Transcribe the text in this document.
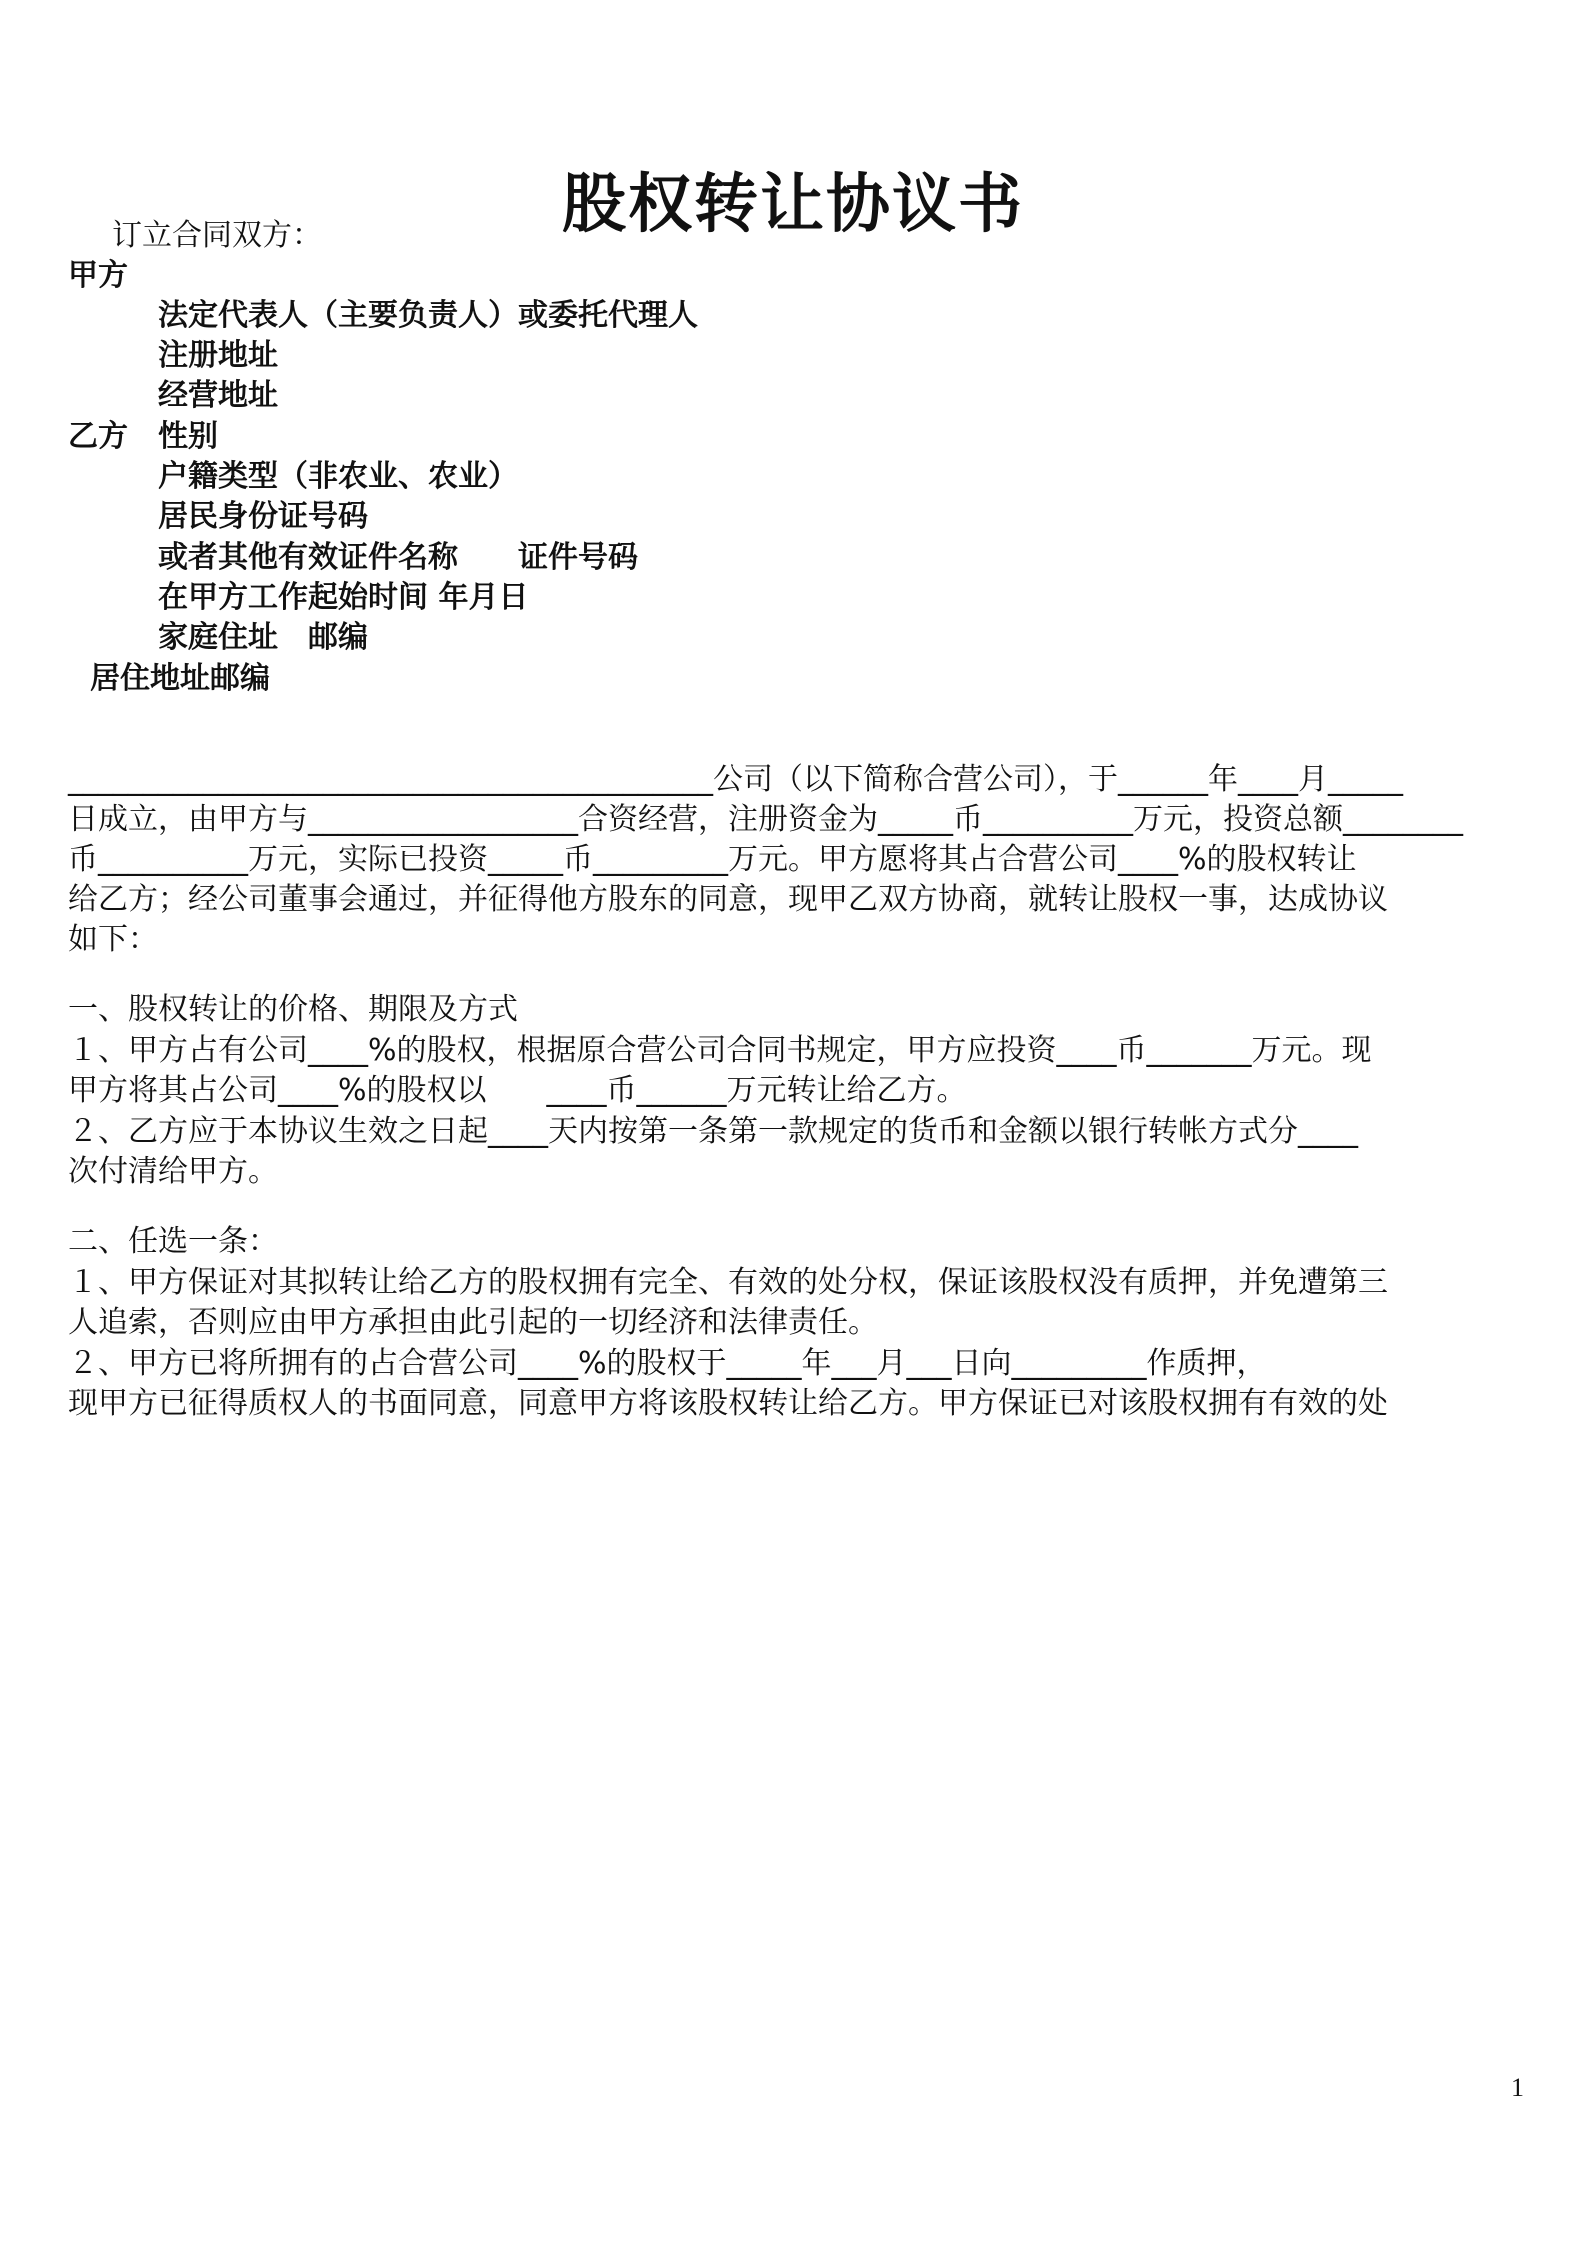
股权转让协议书
订立合同双方：
甲方
法定代表人（主要负责人）或委托代理人
注册地址
经营地址
乙方　性别
户籍类型（非农业、农业）
居民身份证号码
或者其他有效证件名称　　证件号码
在甲方工作起始时间 年月日
家庭住址　邮编
居住地址邮编
___________________________________________公司（以下简称合营公司），于______年____月_____
日成立，由甲方与__________________合资经营，注册资金为_____币__________万元，投资总额________
币__________万元，实际已投资_____币_________万元。甲方愿将其占合营公司____%的股权转让
给乙方；经公司董事会通过，并征得他方股东的同意，现甲乙双方协商，就转让股权一事，达成协议
如下：
一、股权转让的价格、期限及方式
１、甲方占有公司____%的股权，根据原合营公司合同书规定，甲方应投资____币_______万元。现
甲方将其占公司____%的股权以　　____币______万元转让给乙方。
２、乙方应于本协议生效之日起____天内按第一条第一款规定的货币和金额以银行转帐方式分____
次付清给甲方。
二、任选一条：
１、甲方保证对其拟转让给乙方的股权拥有完全、有效的处分权，保证该股权没有质押，并免遭第三
人追索，否则应由甲方承担由此引起的一切经济和法律责任。
２、甲方已将所拥有的占合营公司____%的股权于_____年___月___日向_________作质押，
现甲方已征得质权人的书面同意，同意甲方将该股权转让给乙方。甲方保证已对该股权拥有有效的处
1
